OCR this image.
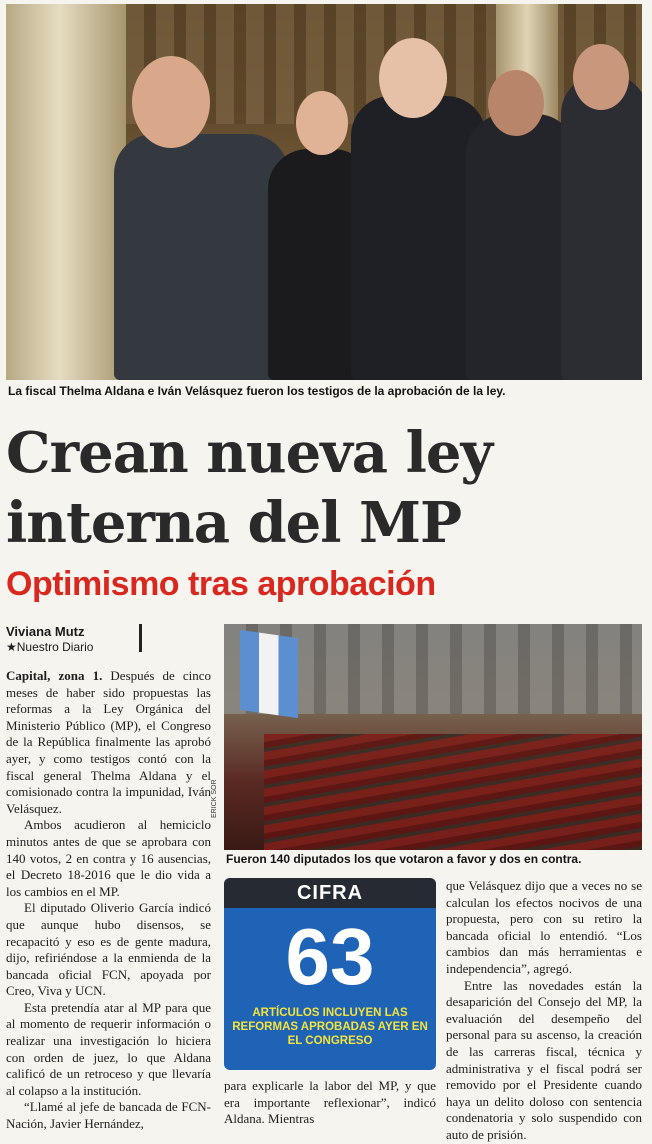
La fiscal Thelma Aldana e Iván Velásquez fueron los testigos de la aprobación de la ley.
Crean nueva ley
interna del MP
Optimismo tras aprobación
Viviana Mutz
★Nuestro Diario
ERICK SOR
Fueron 140 diputados los que votaron a favor y dos en contra.

Capital, zona 1. Después de cinco meses de haber sido propuestas las reformas a la Ley Orgánica del Ministerio Público (MP), el Congreso de la República finalmente las aprobó ayer, y como testigos contó con la fiscal general Thelma Aldana y el comisionado contra la impunidad, Iván Velásquez.

Ambos acudieron al hemiciclo minutos antes de que se aprobara con 140 votos, 2 en contra y 16 ausencias, el Decreto 18-2016 que le dio vida a los cambios en el MP.

El diputado Oliverio García indicó que aunque hubo disensos, se recapacitó y eso es de gente madura, dijo, refiriéndose a la enmienda de la bancada oficial FCN, apoyada por Creo, Viva y UCN.

Esta pretendía atar al MP para que al momento de requerir información o realizar una investigación lo hiciera con orden de juez, lo que Aldana calificó de un retroceso y que llevaría al colapso a la institución.

“Llamé al jefe de bancada de FCN-Nación, Javier Hernández,

CIFRA
63
ARTÍCULOS INCLUYEN LAS REFORMAS APROBADAS AYER EN EL CONGRESO

para explicarle la labor del MP, y que era importante reflexionar”, indicó Aldana. Mientras

que Velásquez dijo que a veces no se calculan los efectos nocivos de una propuesta, pero con su retiro la bancada oficial lo entendió. “Los cambios dan más herramientas e independencia”, agregó.

Entre las novedades están la desaparición del Consejo del MP, la evaluación del desempeño del personal para su ascenso, la creación de las carreras fiscal, técnica y administrativa y el fiscal podrá ser removido por el Presidente cuando haya un delito doloso con sentencia condenatoria y solo suspendido con auto de prisión.
